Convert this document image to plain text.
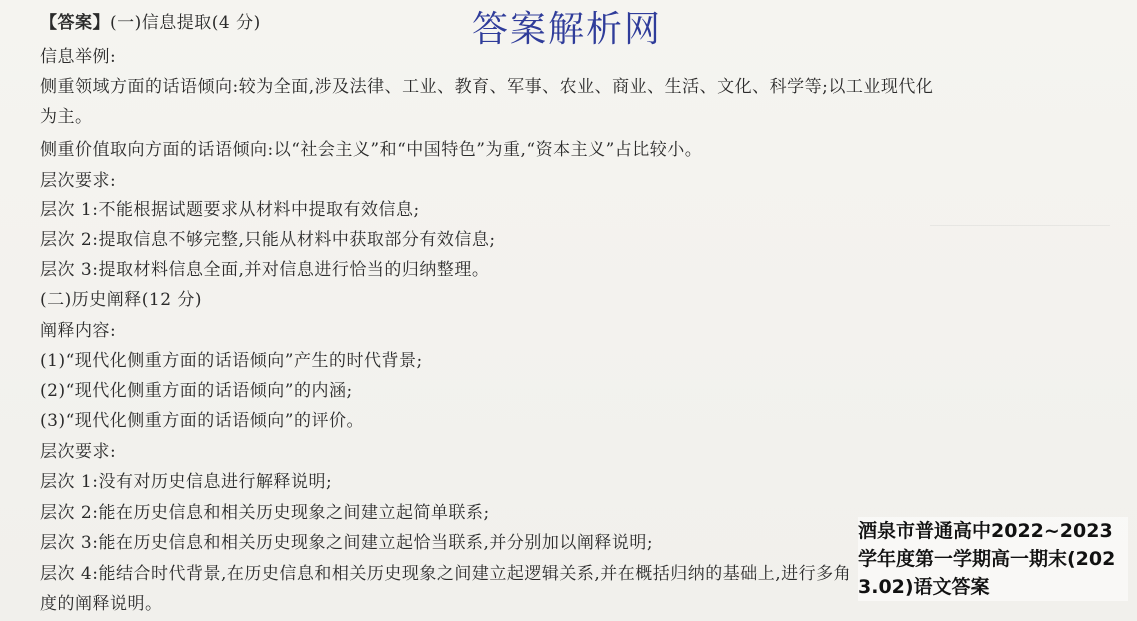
【答案】(一)信息提取(4 分)	答案解析网
信息举例:
侧重领域方面的话语倾向:较为全面,涉及法律、工业、教育、军事、农业、商业、生活、文化、科学等;以工业现代化
为主。
侧重价值取向方面的话语倾向:以“社会主义”和“中国特色”为重,“资本主义”占比较小。
层次要求:
层次 1:不能根据试题要求从材料中提取有效信息;
层次 2:提取信息不够完整,只能从材料中获取部分有效信息;
层次 3:提取材料信息全面,并对信息进行恰当的归纳整理。
(二)历史阐释(12 分)
阐释内容:
(1)“现代化侧重方面的话语倾向”产生的时代背景;
(2)“现代化侧重方面的话语倾向”的内涵;
(3)“现代化侧重方面的话语倾向”的评价。
层次要求:
层次 1:没有对历史信息进行解释说明;
层次 2:能在历史信息和相关历史现象之间建立起简单联系;
层次 3:能在历史信息和相关历史现象之间建立起恰当联系,并分别加以阐释说明;
层次 4:能结合时代背景,在历史信息和相关历史现象之间建立起逻辑关系,并在概括归纳的基础上,进行多角
度的阐释说明。
酒泉市普通高中2022~2023学年度第一学期高一期末(2023.02)语文答案
